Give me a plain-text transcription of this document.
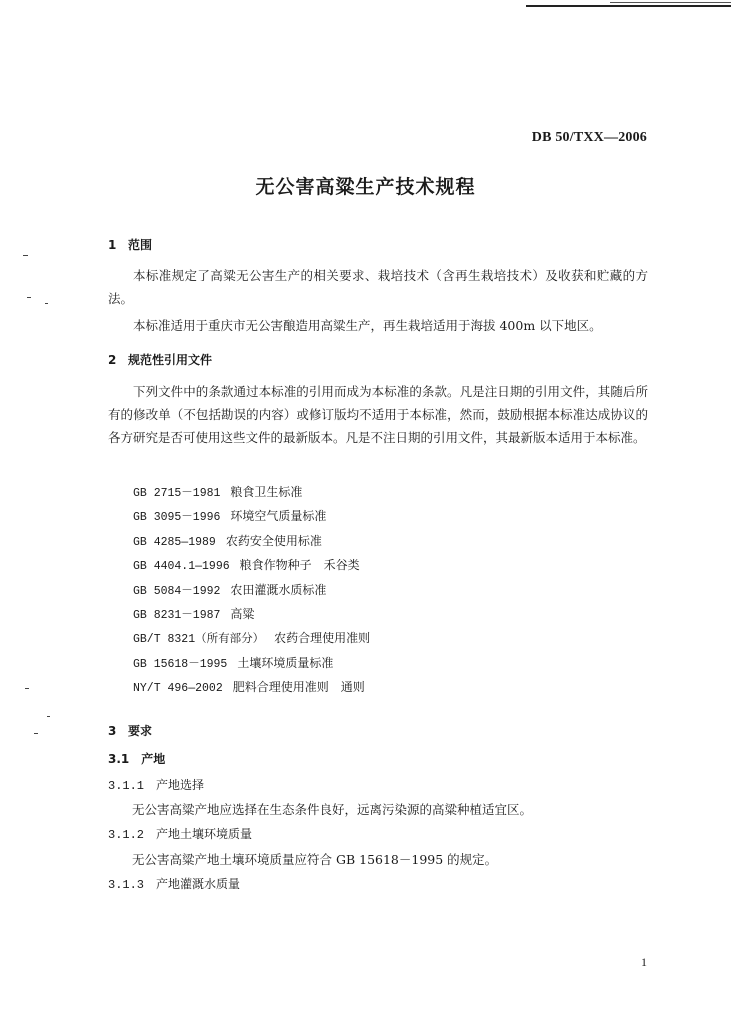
DB 50/TXX—2006
无公害高粱生产技术规程
1 范围
本标准规定了高粱无公害生产的相关要求、栽培技术（含再生栽培技术）及收获和贮藏的方法。
本标准适用于重庆市无公害酿造用高粱生产，再生栽培适用于海拔 400m 以下地区。
2 规范性引用文件
下列文件中的条款通过本标准的引用而成为本标准的条款。凡是注日期的引用文件，其随后所有的修改单（不包括勘误的内容）或修订版均不适用于本标准，然而，鼓励根据本标准达成协议的各方研究是否可使用这些文件的最新版本。凡是不注日期的引用文件，其最新版本适用于本标准。
GB 2715－1981 粮食卫生标准
GB 3095－1996 环境空气质量标准
GB 4285—1989 农药安全使用标准
GB 4404.1—1996 粮食作物种子　禾谷类
GB 5084－1992 农田灌溉水质标准
GB 8231－1987 高粱
GB/T 8321（所有部分） 农药合理使用准则
GB 15618－1995 土壤环境质量标准
NY/T 496—2002 肥料合理使用准则　通则
3 要求
3.1 产地
3.1.1 产地选择
无公害高粱产地应选择在生态条件良好，远离污染源的高粱种植适宜区。
3.1.2 产地土壤环境质量
无公害高粱产地土壤环境质量应符合 GB 15618－1995 的规定。
3.1.3 产地灌溉水质量
1
